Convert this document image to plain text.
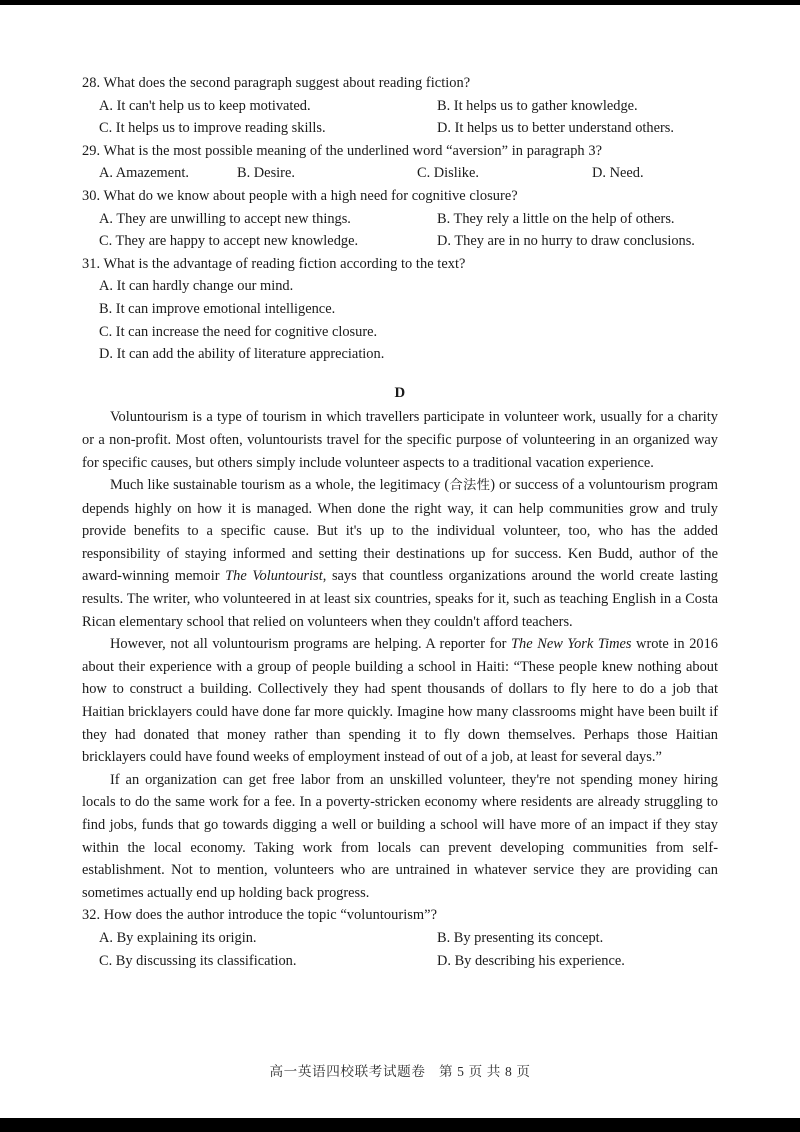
28. What does the second paragraph suggest about reading fiction?
A. It can't help us to keep motivated.	B. It helps us to gather knowledge.
C. It helps us to improve reading skills.	D. It helps us to better understand others.
29. What is the most possible meaning of the underlined word “aversion” in paragraph 3?
A. Amazement.	B. Desire.	C. Dislike.	D. Need.
30. What do we know about people with a high need for cognitive closure?
A. They are unwilling to accept new things.	B. They rely a little on the help of others.
C. They are happy to accept new knowledge.	D. They are in no hurry to draw conclusions.
31. What is the advantage of reading fiction according to the text?
A. It can hardly change our mind.
B. It can improve emotional intelligence.
C. It can increase the need for cognitive closure.
D. It can add the ability of literature appreciation.
D

Voluntourism is a type of tourism in which travellers participate in volunteer work, usually for a charity or a non-profit. Most often, voluntourists travel for the specific purpose of volunteering in an organized way for specific causes, but others simply include volunteer aspects to a traditional vacation experience.

Much like sustainable tourism as a whole, the legitimacy (合法性) or success of a voluntourism program depends highly on how it is managed. When done the right way, it can help communities grow and truly provide benefits to a specific cause. But it's up to the individual volunteer, too, who has the added responsibility of staying informed and setting their destinations up for success. Ken Budd, author of the award-winning memoir The Voluntourist, says that countless organizations around the world create lasting results. The writer, who volunteered in at least six countries, speaks for it, such as teaching English in a Costa Rican elementary school that relied on volunteers when they couldn't afford teachers.

However, not all voluntourism programs are helping. A reporter for The New York Times wrote in 2016 about their experience with a group of people building a school in Haiti: “These people knew nothing about how to construct a building. Collectively they had spent thousands of dollars to fly here to do a job that Haitian bricklayers could have done far more quickly. Imagine how many classrooms might have been built if they had donated that money rather than spending it to fly down themselves. Perhaps those Haitian bricklayers could have found weeks of employment instead of out of a job, at least for several days.”

If an organization can get free labor from an unskilled volunteer, they're not spending money hiring locals to do the same work for a fee. In a poverty-stricken economy where residents are already struggling to find jobs, funds that go towards digging a well or building a school will have more of an impact if they stay within the local economy. Taking work from locals can prevent developing communities from self-establishment. Not to mention, volunteers who are untrained in whatever service they are providing can sometimes actually end up holding back progress.

32. How does the author introduce the topic “voluntourism”?
A. By explaining its origin.	B. By presenting its concept.
C. By discussing its classification.	D. By describing his experience.
高一英语四校联考试题卷 第 5 页 共 8 页
